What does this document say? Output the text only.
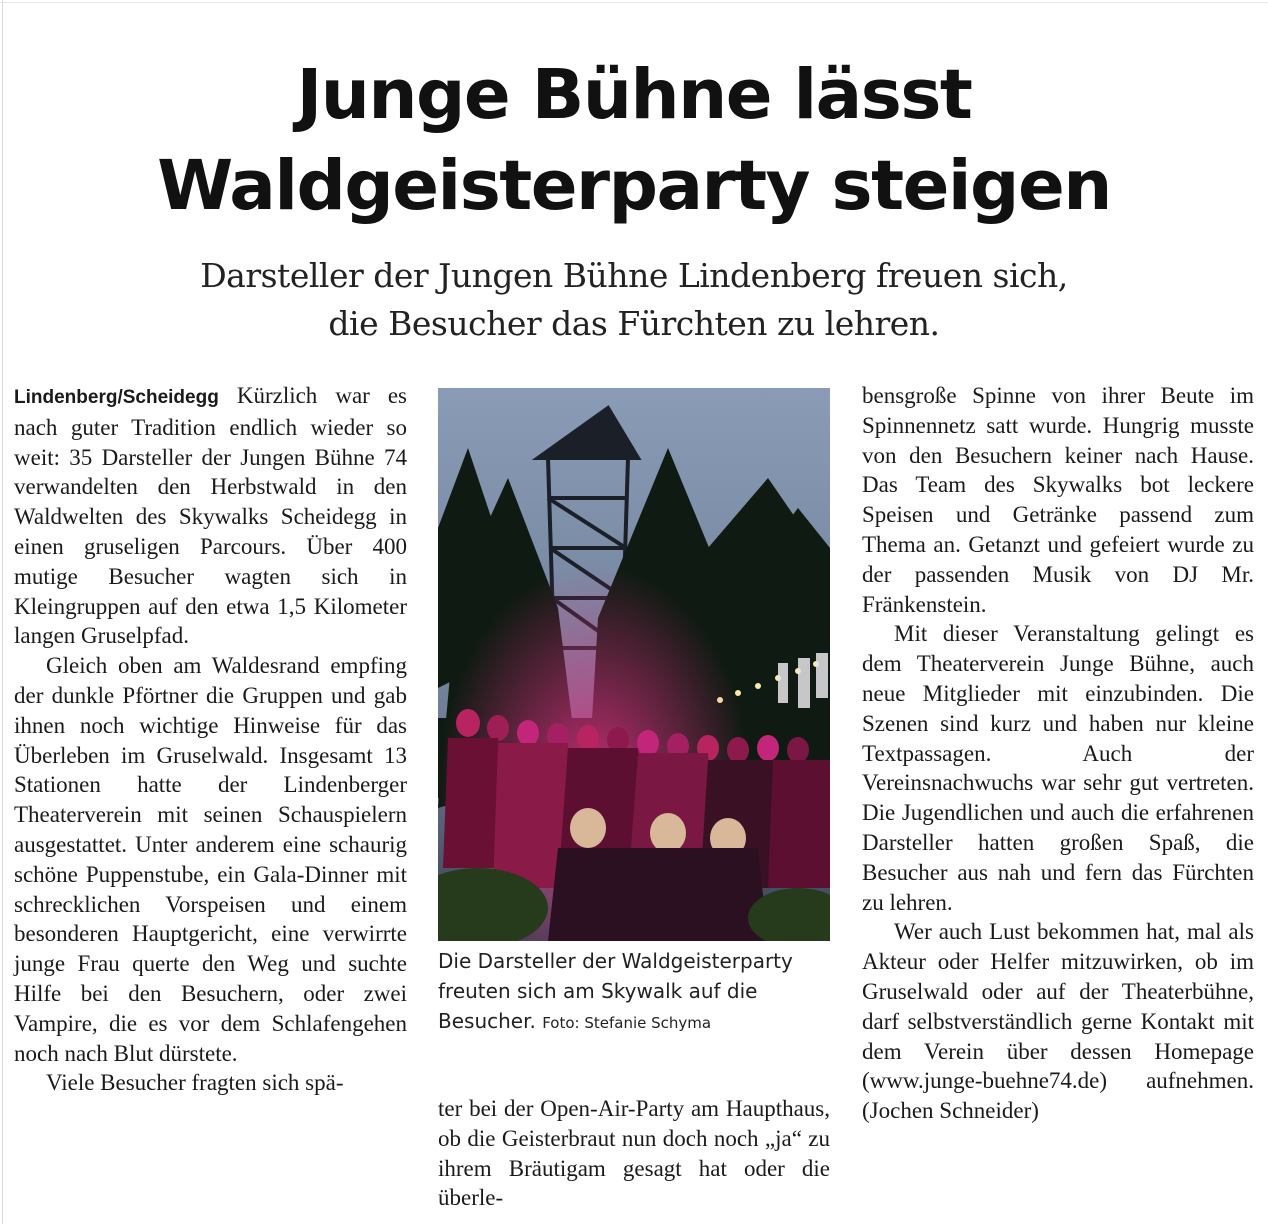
Junge Bühne lässt
Waldgeisterparty steigen
Darsteller der Jungen Bühne Lindenberg freuen sich,
die Besucher das Fürchten zu lehren.

Lindenberg/Scheidegg Kürzlich war es nach guter Tradition endlich wieder so weit: 35 Darsteller der Jungen Bühne 74 verwandelten den Herbstwald in den Waldwelten des Skywalks Scheidegg in einen gruseligen Parcours. Über 400 mutige Besucher wagten sich in Kleingruppen auf den etwa 1,5 Kilometer langen Gruselpfad.

Gleich oben am Waldesrand empfing der dunkle Pförtner die Gruppen und gab ihnen noch wichtige Hinweise für das Überleben im Gruselwald. Insgesamt 13 Stationen hatte der Lindenberger Theaterverein mit seinen Schauspielern ausgestattet. Unter anderem eine schaurig schöne Puppenstube, ein Gala-Dinner mit schrecklichen Vorspeisen und einem besonderen Hauptgericht, eine verwirrte junge Frau querte den Weg und suchte Hilfe bei den Besuchern, oder zwei Vampire, die es vor dem Schlafengehen noch nach Blut dürstete.

Viele Besucher fragten sich spä-

Die Darsteller der Waldgeisterparty freuten sich am Skywalk auf die Besucher. Foto: Stefanie Schyma

ter bei der Open-Air-Party am Haupthaus, ob die Geisterbraut nun doch noch „ja“ zu ihrem Bräutigam gesagt hat oder die überle-

bensgroße Spinne von ihrer Beute im Spinnennetz satt wurde. Hungrig musste von den Besuchern keiner nach Hause. Das Team des Skywalks bot leckere Speisen und Getränke passend zum Thema an. Getanzt und gefeiert wurde zu der passenden Musik von DJ Mr. Fränkenstein.

Mit dieser Veranstaltung gelingt es dem Theaterverein Junge Bühne, auch neue Mitglieder mit einzubinden. Die Szenen sind kurz und haben nur kleine Textpassagen. Auch der Vereinsnachwuchs war sehr gut vertreten. Die Jugendlichen und auch die erfahrenen Darsteller hatten großen Spaß, die Besucher aus nah und fern das Fürchten zu lehren.

Wer auch Lust bekommen hat, mal als Akteur oder Helfer mitzuwirken, ob im Gruselwald oder auf der Theaterbühne, darf selbstverständlich gerne Kontakt mit dem Verein über dessen Homepage (www.junge-buehne74.de) aufnehmen. (Jochen Schneider)
